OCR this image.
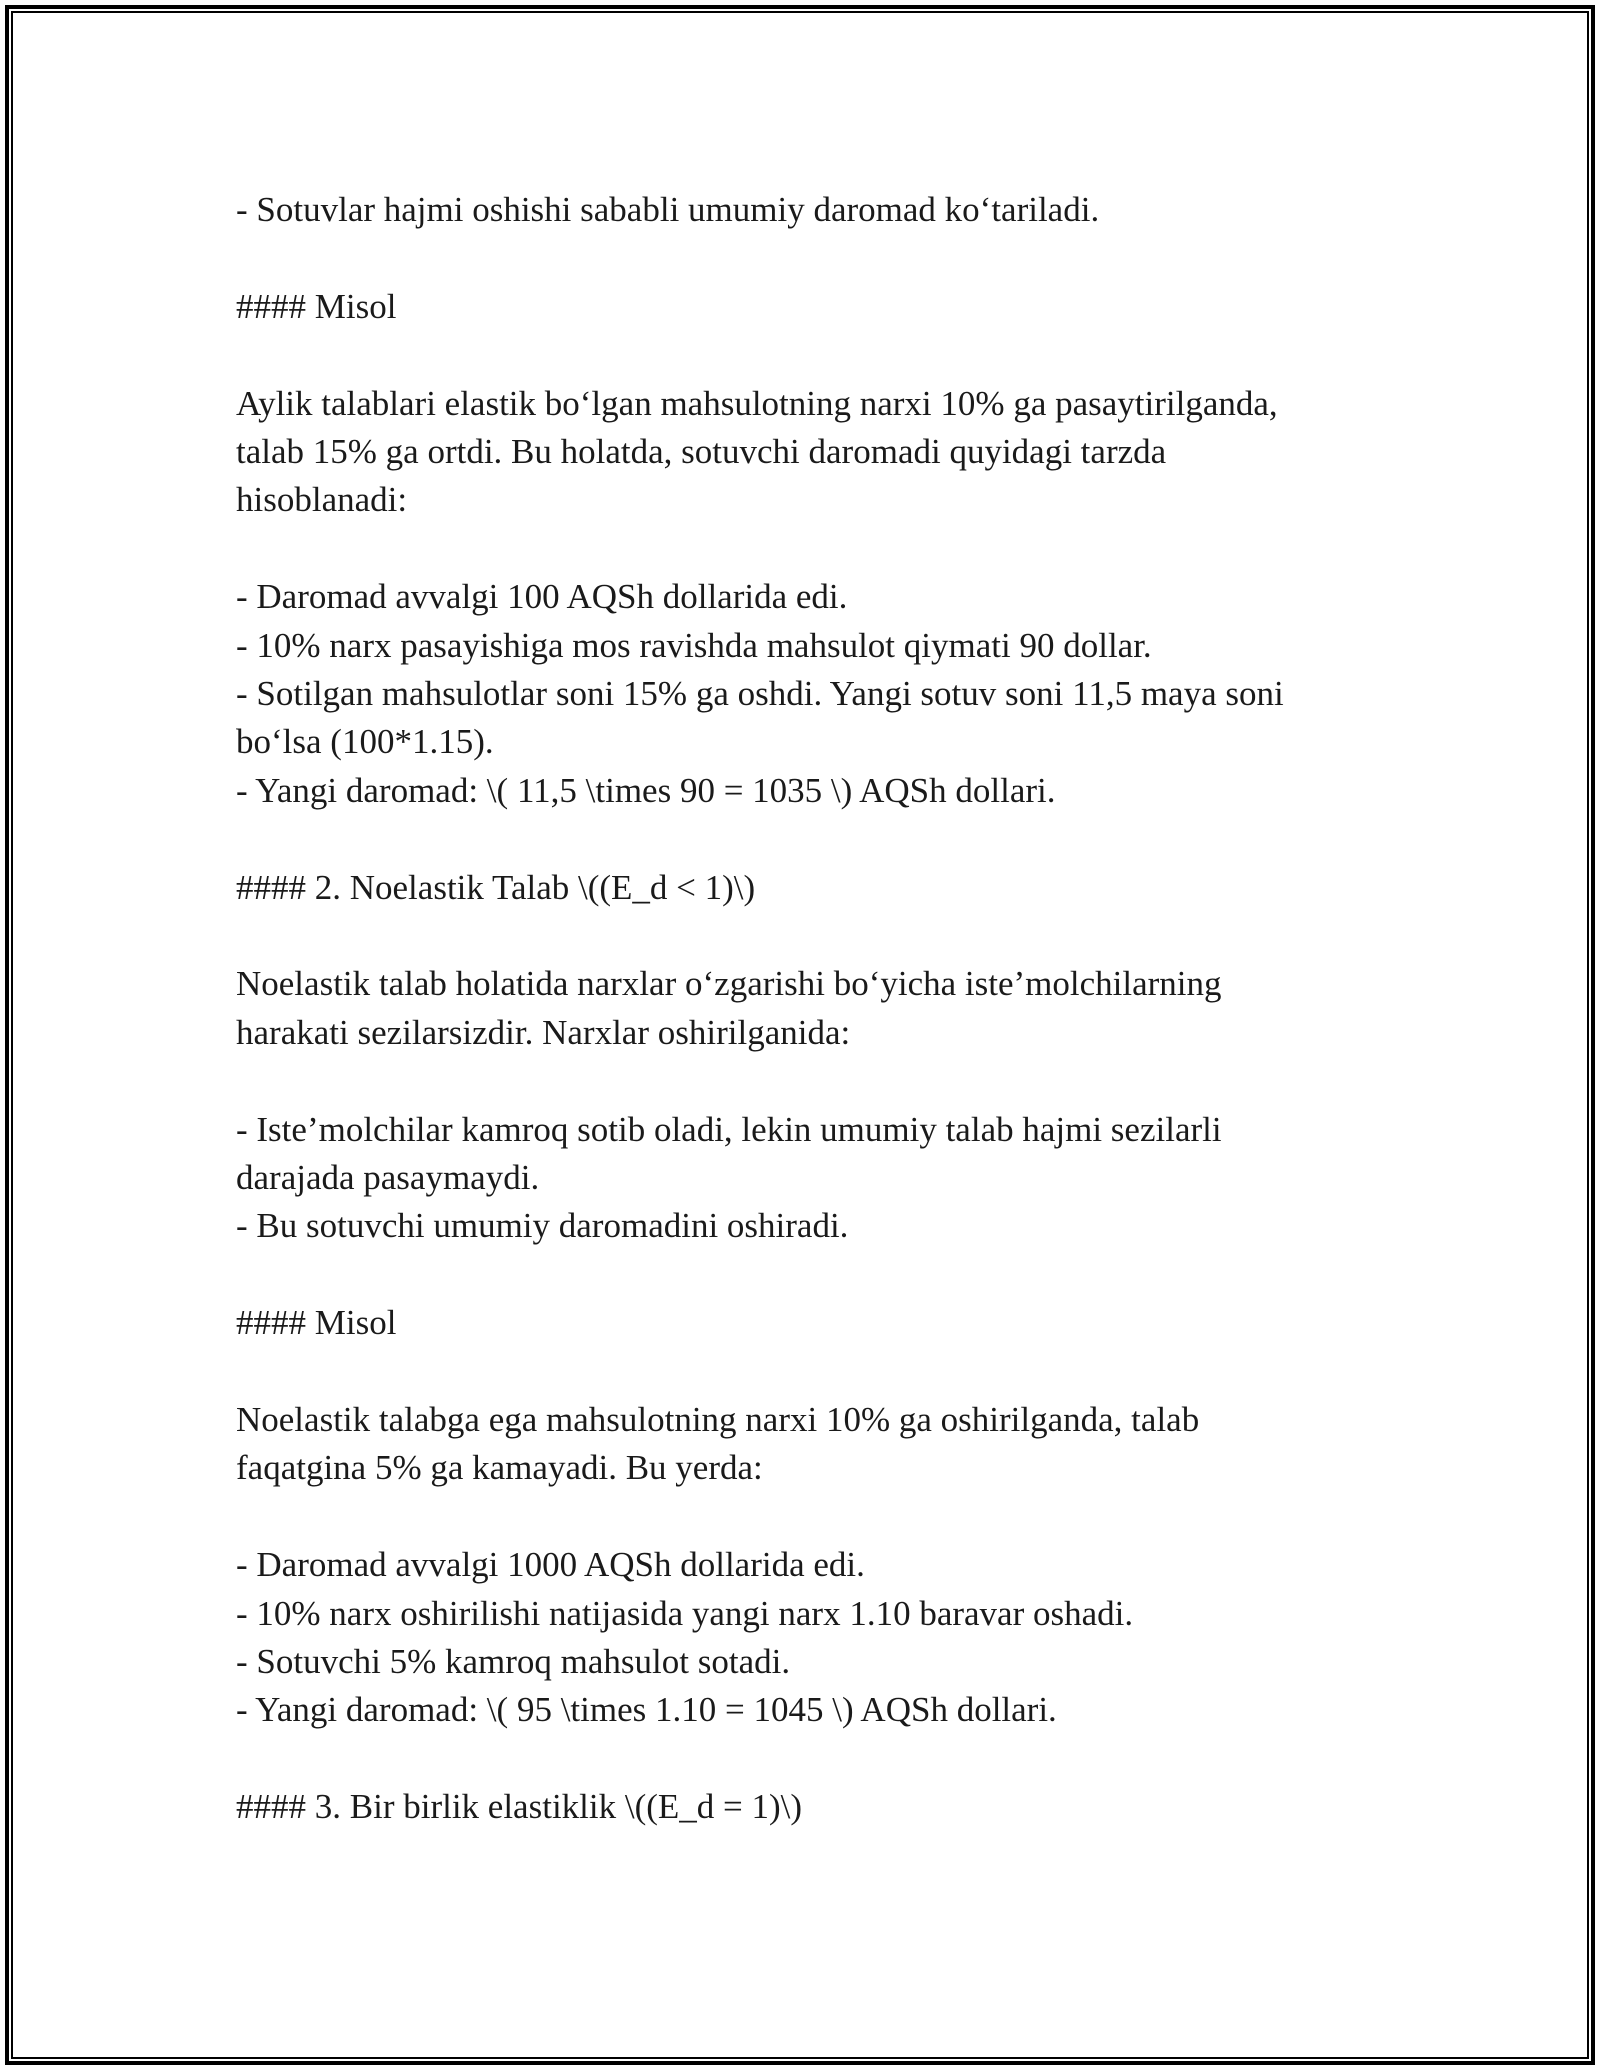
- Sotuvlar hajmi oshishi sababli umumiy daromad ko‘tariladi.

#### Misol

Aylik talablari elastik bo‘lgan mahsulotning narxi 10% ga pasaytirilganda,

talab 15% ga ortdi. Bu holatda, sotuvchi daromadi quyidagi tarzda

hisoblanadi:

- Daromad avvalgi 100 AQSh dollarida edi.

- 10% narx pasayishiga mos ravishda mahsulot qiymati 90 dollar.

- Sotilgan mahsulotlar soni 15% ga oshdi. Yangi sotuv soni 11,5 maya soni

bo‘lsa (100*1.15).

- Yangi daromad: \( 11,5 \times 90 = 1035 \) AQSh dollari.

#### 2. Noelastik Talab \((E_d < 1)\)

Noelastik talab holatida narxlar o‘zgarishi bo‘yicha iste’molchilarning

harakati sezilarsizdir. Narxlar oshirilganida:

- Iste’molchilar kamroq sotib oladi, lekin umumiy talab hajmi sezilarli

darajada pasaymaydi.

- Bu sotuvchi umumiy daromadini oshiradi.

#### Misol

Noelastik talabga ega mahsulotning narxi 10% ga oshirilganda, talab

faqatgina 5% ga kamayadi. Bu yerda:

- Daromad avvalgi 1000 AQSh dollarida edi.

- 10% narx oshirilishi natijasida yangi narx 1.10 baravar oshadi.

- Sotuvchi 5% kamroq mahsulot sotadi.

- Yangi daromad: \( 95 \times 1.10 = 1045 \) AQSh dollari.

#### 3. Bir birlik elastiklik \((E_d = 1)\)
